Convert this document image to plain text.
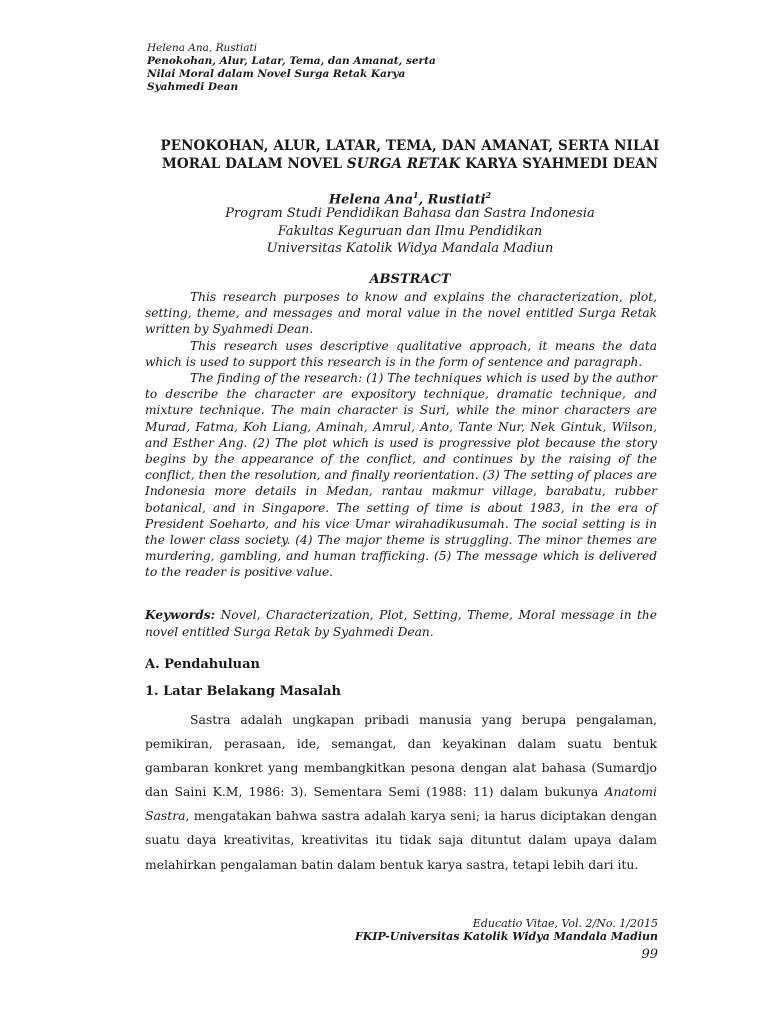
Helena Ana, Rustiati
Penokohan, Alur, Latar, Tema, dan Amanat, serta
Nilai Moral dalam Novel Surga Retak Karya
Syahmedi Dean
PENOKOHAN, ALUR, LATAR, TEMA, DAN AMANAT, SERTA NILAI
MORAL DALAM NOVEL SURGA RETAK KARYA SYAHMEDI DEAN
Helena Ana$^1$, Rustiati$^2$
Program Studi Pendidikan Bahasa dan Sastra Indonesia
Fakultas Keguruan dan Ilmu Pendidikan
Universitas Katolik Widya Mandala Madiun
ABSTRACT

This research purposes to know and explains the characterization, plot, setting, theme, and messages and moral value in the novel entitled Surga Retak written by Syahmedi Dean.

This research uses descriptive qualitative approach, it means the data which is used to support this research is in the form of sentence and paragraph.

The finding of the research: (1) The techniques which is used by the author to describe the character are expository technique, dramatic technique, and mixture technique. The main character is Suri, while the minor characters are Murad, Fatma, Koh Liang, Aminah, Amrul, Anto, Tante Nur, Nek Gintuk, Wilson, and Esther Ang. (2) The plot which is used is progressive plot because the story begins by the appearance of the conflict, and continues by the raising of the conflict, then the resolution, and finally reorientation. (3) The setting of places are Indonesia more details in Medan, rantau makmur village, barabatu, rubber botanical, and in Singapore. The setting of time is about 1983, in the era of President Soeharto, and his vice Umar wirahadikusumah. The social setting is in the lower class society. (4) The major theme is struggling. The minor themes are murdering, gambling, and human trafficking. (5) The message which is delivered to the reader is positive value.

Keywords: Novel, Characterization, Plot, Setting, Theme, Moral message in the novel entitled Surga Retak by Syahmedi Dean.
A. Pendahuluan
1. Latar Belakang Masalah

Sastra adalah ungkapan pribadi manusia yang berupa pengalaman, pemikiran, perasaan, ide, semangat, dan keyakinan dalam suatu bentuk gambaran konkret yang membangkitkan pesona dengan alat bahasa (Sumardjo dan Saini K.M, 1986: 3). Sementara Semi (1988: 11) dalam bukunya Anatomi Sastra, mengatakan bahwa sastra adalah karya seni; ia harus diciptakan dengan suatu daya kreativitas, kreativitas itu tidak saja dituntut dalam upaya dalam melahirkan pengalaman batin dalam bentuk karya sastra, tetapi lebih dari itu.

Educatio Vitae, Vol. 2/No. 1/2015
FKIP-Universitas Katolik Widya Mandala Madiun
99
